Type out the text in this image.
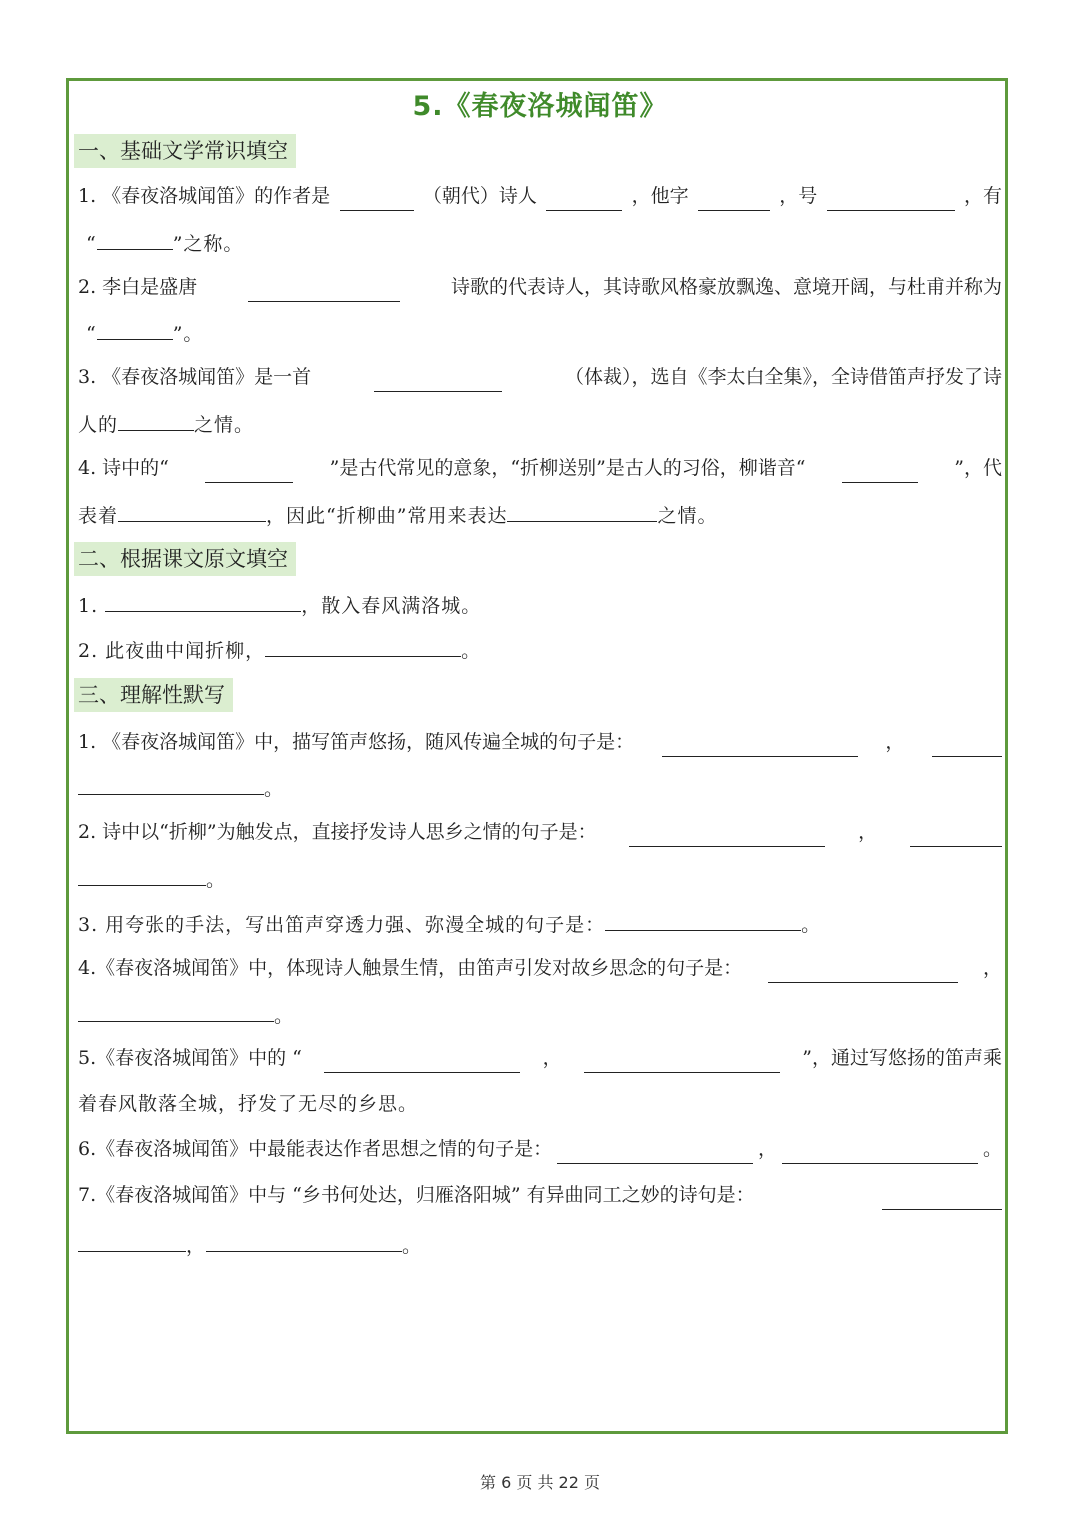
5.《春夜洛城闻笛》
一、基础文学常识填空
1. 《春夜洛城闻笛》的作者是	（朝代）诗人	，他字	，号	，有
“	”之称。
2. 李白是盛唐	诗歌的代表诗人，其诗歌风格豪放飘逸、意境开阔，与杜甫并称为
“	”。
3. 《春夜洛城闻笛》是一首	（体裁），选自《李太白全集》，全诗借笛声抒发了诗
人的	之情。
4. 诗中的“	”是古代常见的意象，“折柳送别”是古人的习俗，柳谐音“	”，代
表着	，因此“折柳曲”常用来表达	之情。
二、根据课文原文填空
1.	，散入春风满洛城。
2. 此夜曲中闻折柳，	。
三、理解性默写
1. 《春夜洛城闻笛》中，描写笛声悠扬，随风传遍全城的句子是：	，
。
2. 诗中以“折柳”为触发点，直接抒发诗人思乡之情的句子是：	，
。
3. 用夸张的手法，写出笛声穿透力强、弥漫全城的句子是：	。
4.《春夜洛城闻笛》中，体现诗人触景生情，由笛声引发对故乡思念的句子是：	，
。
5.《春夜洛城闻笛》中的 “	，	”，通过写悠扬的笛声乘
着春风散落全城，抒发了无尽的乡思。
6.《春夜洛城闻笛》中最能表达作者思想之情的句子是：	，	。
7.《春夜洛城闻笛》中与 “乡书何处达，归雁洛阳城” 有异曲同工之妙的诗句是：
，	。
第 6 页 共 22 页
